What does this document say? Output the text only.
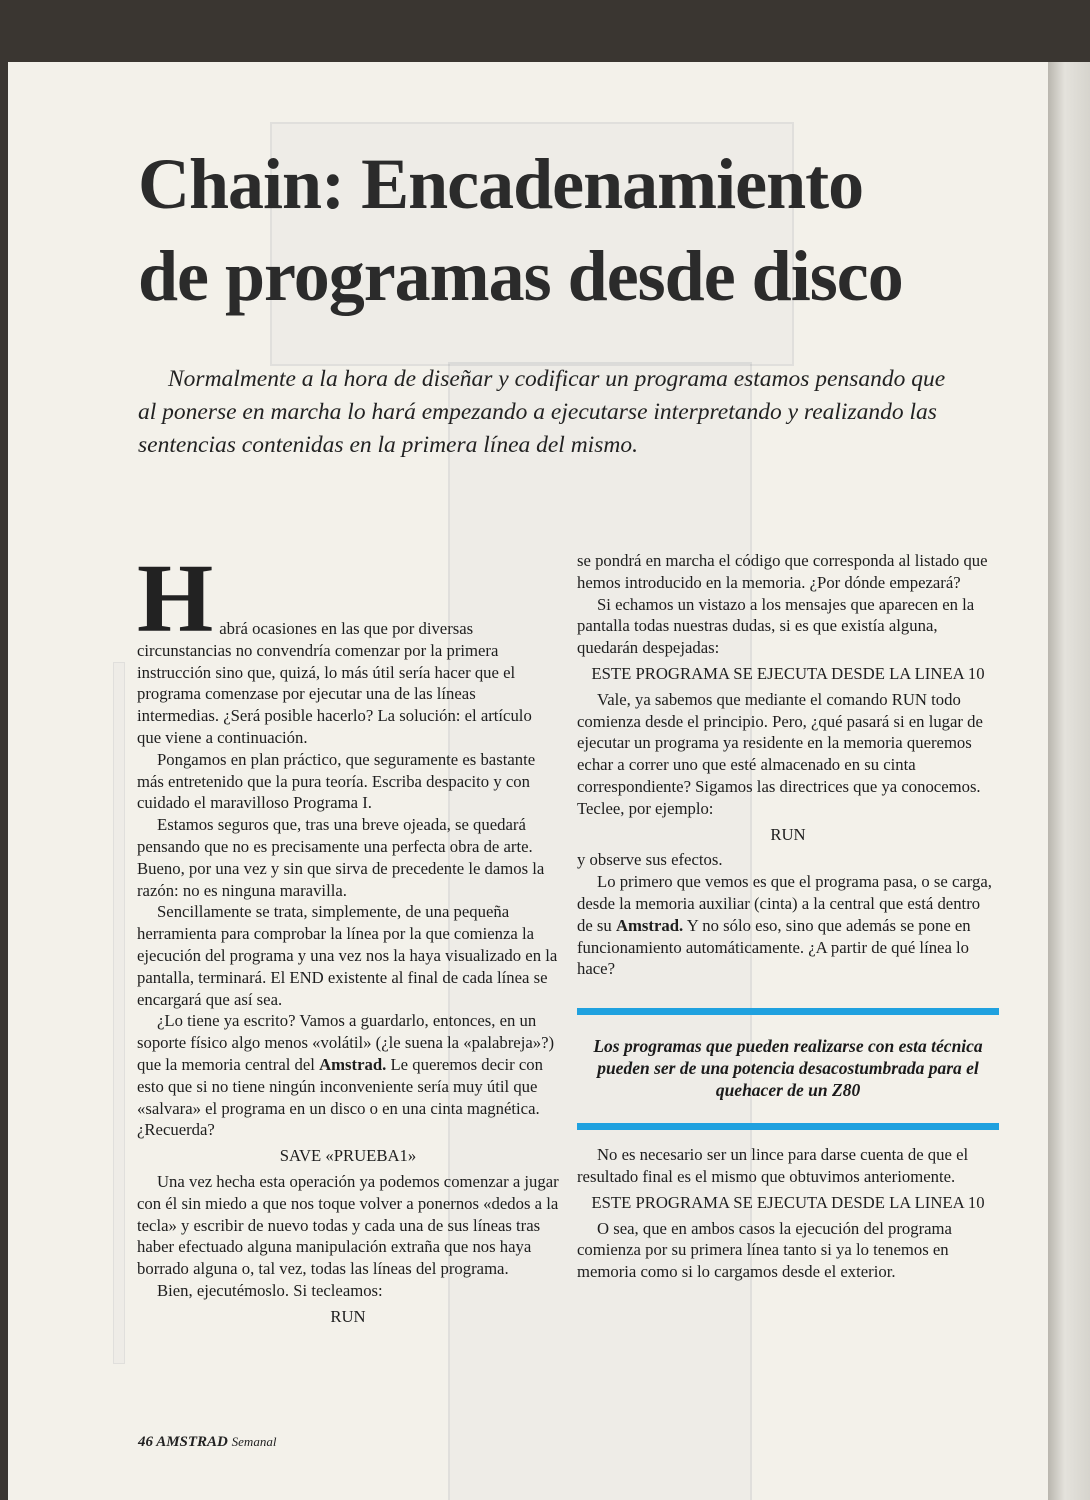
Chain: Encadenamiento
de programas desde disco

Normalmente a la hora de diseñar y codificar un programa estamos pensando que al ponerse en marcha lo hará empezando a ejecutarse interpretando y realizando las sentencias contenidas en la primera línea del mismo.

H abrá ocasiones en las que por diversas circunstancias no convendría comenzar por la primera instrucción sino que, quizá, lo más útil sería hacer que el programa comenzase por ejecutar una de las líneas intermedias. ¿Será posible hacerlo? La solución: el artículo que viene a continuación.

Pongamos en plan práctico, que seguramente es bastante más entretenido que la pura teoría. Escriba despacito y con cuidado el maravilloso Programa I.

Estamos seguros que, tras una breve ojeada, se quedará pensando que no es precisamente una perfecta obra de arte. Bueno, por una vez y sin que sirva de precedente le damos la razón: no es ninguna maravilla.

Sencillamente se trata, simplemente, de una pequeña herramienta para comprobar la línea por la que comienza la ejecución del programa y una vez nos la haya visualizado en la pantalla, terminará. El END existente al final de cada línea se encargará que así sea.

¿Lo tiene ya escrito? Vamos a guardarlo, entonces, en un soporte físico algo menos «volátil» (¿le suena la «palabreja»?) que la memoria central del Amstrad. Le queremos decir con esto que si no tiene ningún inconveniente sería muy útil que «salvara» el programa en un disco o en una cinta magnética. ¿Recuerda?

SAVE «PRUEBA1»

Una vez hecha esta operación ya podemos comenzar a jugar con él sin miedo a que nos toque volver a ponernos «dedos a la tecla» y escribir de nuevo todas y cada una de sus líneas tras haber efectuado alguna manipulación extraña que nos haya borrado alguna o, tal vez, todas las líneas del programa.

Bien, ejecutémoslo. Si tecleamos:

RUN

se pondrá en marcha el código que corresponda al listado que hemos introducido en la memoria. ¿Por dónde empezará?

Si echamos un vistazo a los mensajes que aparecen en la pantalla todas nuestras dudas, si es que existía alguna, quedarán despejadas:

ESTE PROGRAMA SE EJECUTA DESDE LA LINEA 10

Vale, ya sabemos que mediante el comando RUN todo comienza desde el principio. Pero, ¿qué pasará si en lugar de ejecutar un programa ya residente en la memoria queremos echar a correr uno que esté almacenado en su cinta correspondiente? Sigamos las directrices que ya conocemos. Teclee, por ejemplo:

RUN

y observe sus efectos.

Lo primero que vemos es que el programa pasa, o se carga, desde la memoria auxiliar (cinta) a la central que está dentro de su Amstrad. Y no sólo eso, sino que además se pone en funcionamiento automáticamente. ¿A partir de qué línea lo hace?

Los programas que pueden realizarse con esta técnica pueden ser de una potencia desacostumbrada para el quehacer de un Z80

No es necesario ser un lince para darse cuenta de que el resultado final es el mismo que obtuvimos anteriomente.

ESTE PROGRAMA SE EJECUTA DESDE LA LINEA 10

O sea, que en ambos casos la ejecución del programa comienza por su primera línea tanto si ya lo tenemos en memoria como si lo cargamos desde el exterior.

46 AMSTRAD Semanal
